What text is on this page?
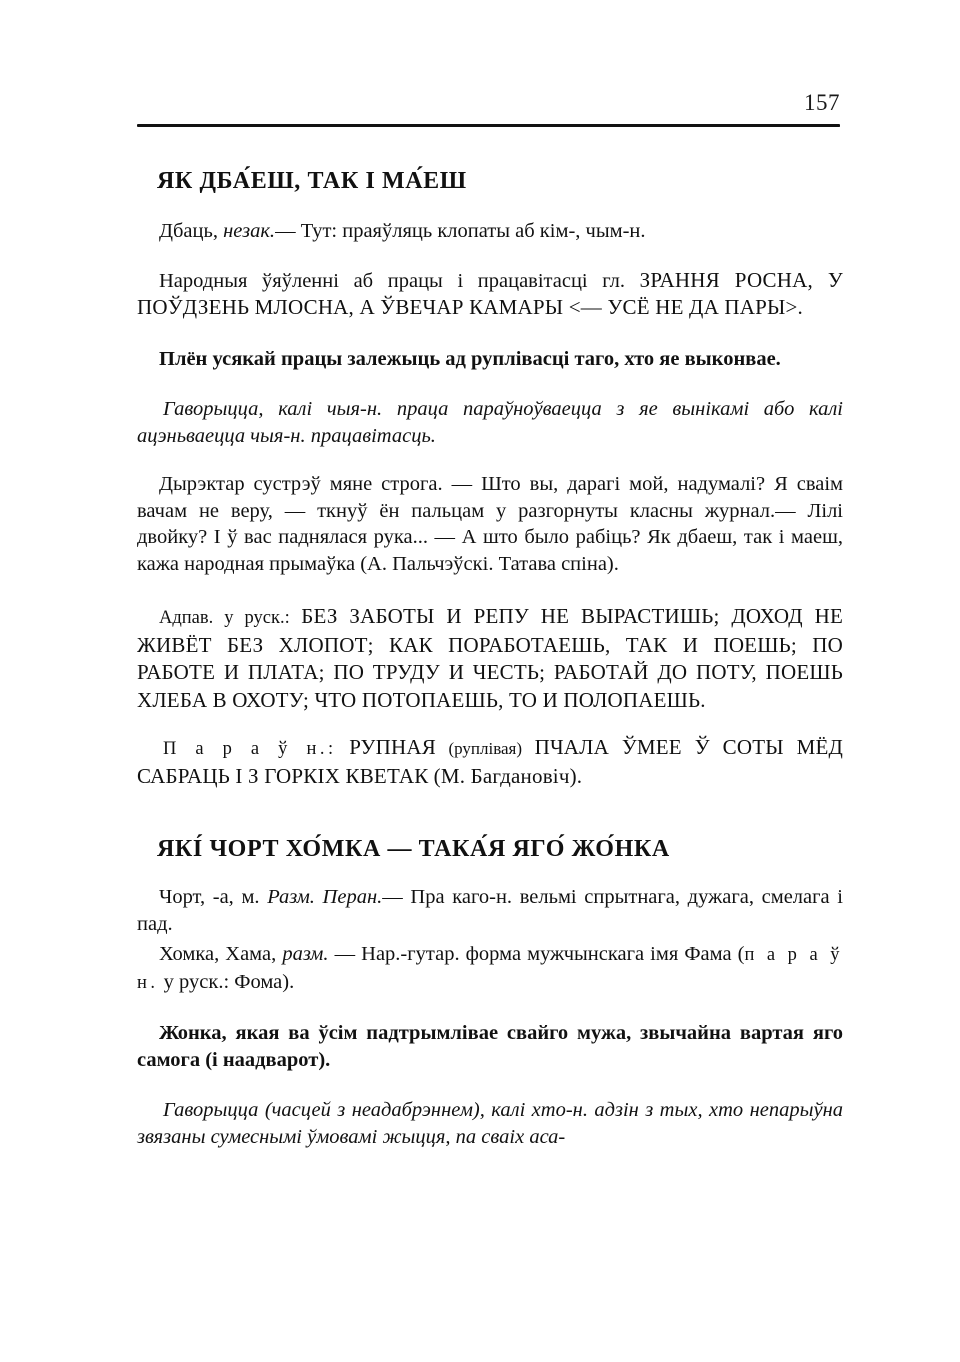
157
ЯК ДБА́ЕШ, ТАК І МА́ЕШ

Дбаць, незак.— Тут: праяўляць клопаты аб кім-, чым-н.

Народныя ўяўленні аб працы і працавітасці гл. ЗРАННЯ РОСНА, У ПОЎДЗЕНЬ МЛОСНА, А ЎВЕЧАР КАМАРЫ <— УСЁ НЕ ДА ПАРЫ>.

Плён усякай працы залежыць ад рупліваcці таго, хто яе выконвае.

Гаворыцца, калі чыя-н. праца параўноўваецца з яе вынікамі або калі ацэньваецца чыя-н. працавітасць.

Дырэктар сустрэў мяне строга. — Што вы, дарагі мой, надумалі? Я сваім вачам не веру, — ткнуў ён пальцам у разгорнуты класны журнал.— Лілі двойку? І ў вас паднялася рука... — А што было рабіць? Як дбаеш, так і маеш, кажа народная прымаўка (А. Пальчэўскі. Татава спіна).

Адпав. у руск.: БЕЗ ЗАБОТЫ И РЕПУ НЕ ВЫРАСТИШЬ; ДОХОД НЕ ЖИВЁТ БЕЗ ХЛОПОТ; КАК ПОРАБОТАЕШЬ, ТАК И ПОЕШЬ; ПО РАБОТЕ И ПЛАТА; ПО ТРУДУ И ЧЕСТЬ; РАБОТАЙ ДО ПОТУ, ПОЕШЬ ХЛЕБА В ОХОТУ; ЧТО ПОТОПАЕШЬ, ТО И ПОЛОПАЕШЬ.

П а р а ў н.: РУПНАЯ (руплівая) ПЧАЛА ЎМЕЕ Ў СОТЫ МЁД САБРАЦЬ І З ГОРКІХ КВЕТАК (М. Багдановіч).

ЯКІ́ ЧОРТ ХО́МКА — ТАКА́Я ЯГО́ ЖО́НКА

Чорт, -а, м. Разм. Перан.— Пра каго-н. вельмі спрытнага, дужага, смелага і пад.

Хомка, Хама, разм. — Нар.-гутар. форма мужчынскага імя Фама (п а р а ў н. у руск.: Фома).

Жонка, якая ва ўсім падтрымлівае свайго мужа, звычайна вартая яго самога (і наадварот).

Гаворыцца (часцей з неадабрэннем), калі хто-н. адзін з тых, хто непарыўна звязаны сумеснымі ўмовамі жыцця, па сваіх аса-
